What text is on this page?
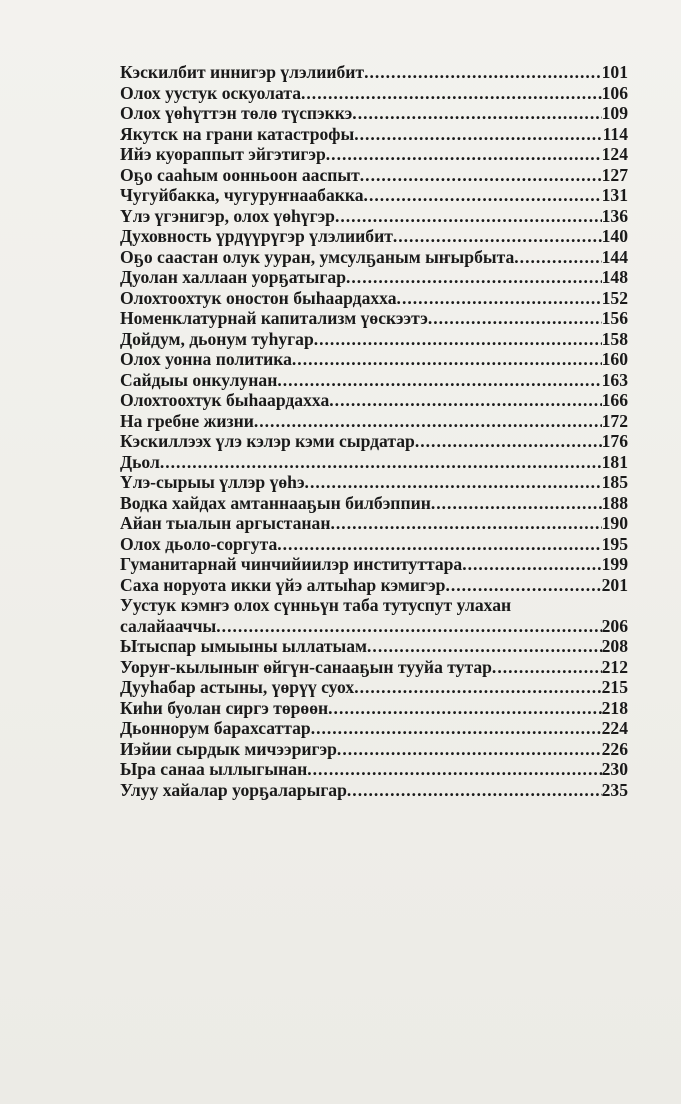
Кэскилбит иннигэр үлэлиибит .....	101
Олох уустук оскуолата .....	106
Олох үөһүттэн төлө түспэккэ .....	109
Якутск на грани катастрофы .....	114
Ийэ куораппыт эйгэтигэр .....	124
Оҕо сааһым оонньоон ааспыт .....	127
Чугуйбакка, чугуруҥнаабакка .....	131
Үлэ үгэнигэр, олох үөһүгэр .....	136
Духовность үрдүүрүгэр үлэлиибит .....	140
Оҕо саастан олук ууран, умсулҕаным ыҥырбыта .....	144
Дуолан халлаан уорҕатыгар .....	148
Олохтоохтук оностон быһаардахха .....	152
Номенклатурнай капитализм үөскээтэ .....	156
Дойдум, дьонум туһугар .....	158
Олох уонна политика .....	160
Сайдыы онкулунан .....	163
Олохтоохтук быһаардахха .....	166
На гребне жизни .....	172
Кэскиллээх үлэ кэлэр кэми сырдатар .....	176
Дьол .....	181
Үлэ-сырыы үллэр үөһэ .....	185
Водка хайдах амтаннааҕын билбэппин .....	188
Айан тыалын аргыстанан .....	190
Олох дьоло-соргута .....	195
Гуманитарнай чинчийиилэр институттара .....	199
Саха норуота икки үйэ алтыһар кэмигэр .....	201
Уустук кэмҥэ олох сүнньүн таба тутуспут улахан
салайааччы .....	206
Ытыспар ымыыны ыллатыам .....	208
Уоруҥ-кылыныҥ өйгүн-санааҕын тууйа тутар .....	212
Дууһабар астыны, үөрүү суох .....	215
Киһи буолан сиргэ төрөөн .....	218
Дьоннорум барахсаттар .....	224
Иэйии сырдык мичээригэр .....	226
Ыра санаа ыллыгынан .....	230
Улуу хайалар уорҕаларыгар .....	235
